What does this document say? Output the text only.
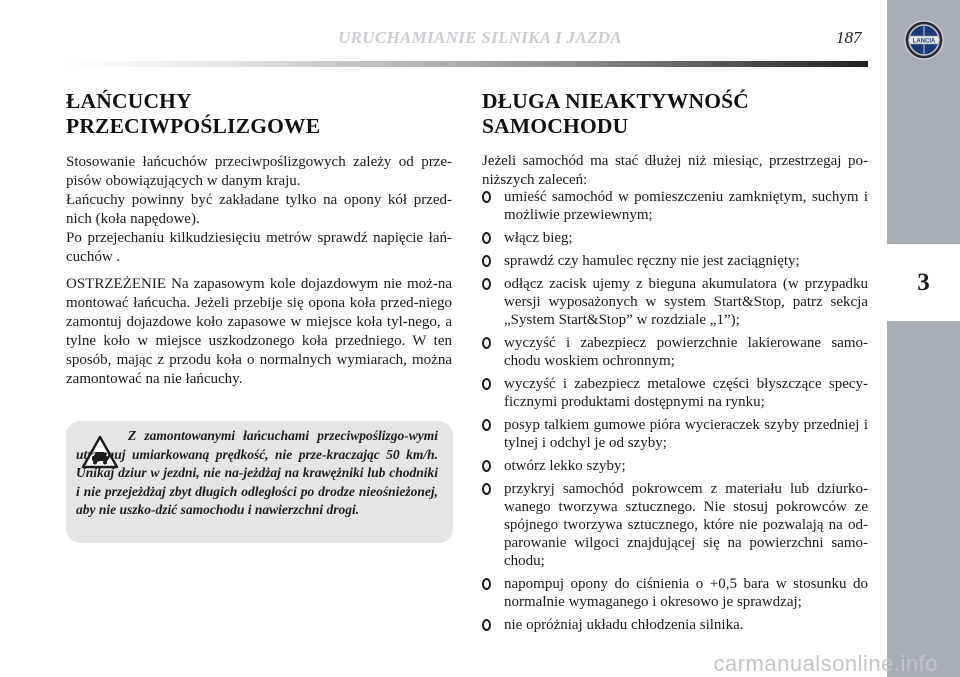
URUCHAMIANIE SILNIKA I JAZDA	187
3
LANCIA
ŁAŃCUCHY
PRZECIWPOŚLIZGOWE

Stosowanie łańcuchów przeciwpoślizgowych zależy od prze-pisów obowiązujących w danym kraju.

Łańcuchy powinny być zakładane tylko na opony kół przed-nich (koła napędowe).

Po przejechaniu kilkudziesięciu metrów sprawdź napięcie łań-cuchów .

OSTRZEŻENIE Na zapasowym kole dojazdowym nie moż-na montować łańcucha. Jeżeli przebije się opona koła przed-niego zamontuj dojazdowe koło zapasowe w miejsce koła tyl-nego, a tylne koło w miejsce uszkodzonego koła przedniego. W ten sposób, mając z przodu koła o normalnych wymiarach, można zamontować na nie łańcuchy.

Z zamontowanymi łańcuchami przeciwpoślizgo-wymi utrzymuj umiarkowaną prędkość, nie prze-kraczając 50 km/h. Unikaj dziur w jezdni, nie na-jeżdżaj na krawężniki lub chodniki i nie przejeżdżaj zbyt długich odległości po drodze nieośnieżonej, aby nie uszko-dzić samochodu i nawierzchni drogi.

DŁUGA NIEAKTYWNOŚĆ
SAMOCHODU

Jeżeli samochód ma stać dłużej niż miesiąc, przestrzegaj po-niższych zaleceń:

umieść samochód w pomieszczeniu zamkniętym, suchym i możliwie przewiewnym;
włącz bieg;
sprawdź czy hamulec ręczny nie jest zaciągnięty;
odłącz zacisk ujemy z bieguna akumulatora (w przypadku wersji wyposażonych w system Start&Stop, patrz sekcja „System Start&Stop” w rozdziale „1”);
wyczyść i zabezpiecz powierzchnie lakierowane samo-chodu woskiem ochronnym;
wyczyść i zabezpiecz metalowe części błyszczące specy-ficznymi produktami dostępnymi na rynku;
posyp talkiem gumowe pióra wycieraczek szyby przedniej i tylnej i odchyl je od szyby;
otwórz lekko szyby;
przykryj samochód pokrowcem z materiału lub dziurko-wanego tworzywa sztucznego. Nie stosuj pokrowców ze spójnego tworzywa sztucznego, które nie pozwalają na od-parowanie wilgoci znajdującej się na powierzchni samo-chodu;
napompuj opony do ciśnienia o +0,5 bara w stosunku do normalnie wymaganego i okresowo je sprawdzaj;
nie opróżniaj układu chłodzenia silnika.
carmanualsonline.info
